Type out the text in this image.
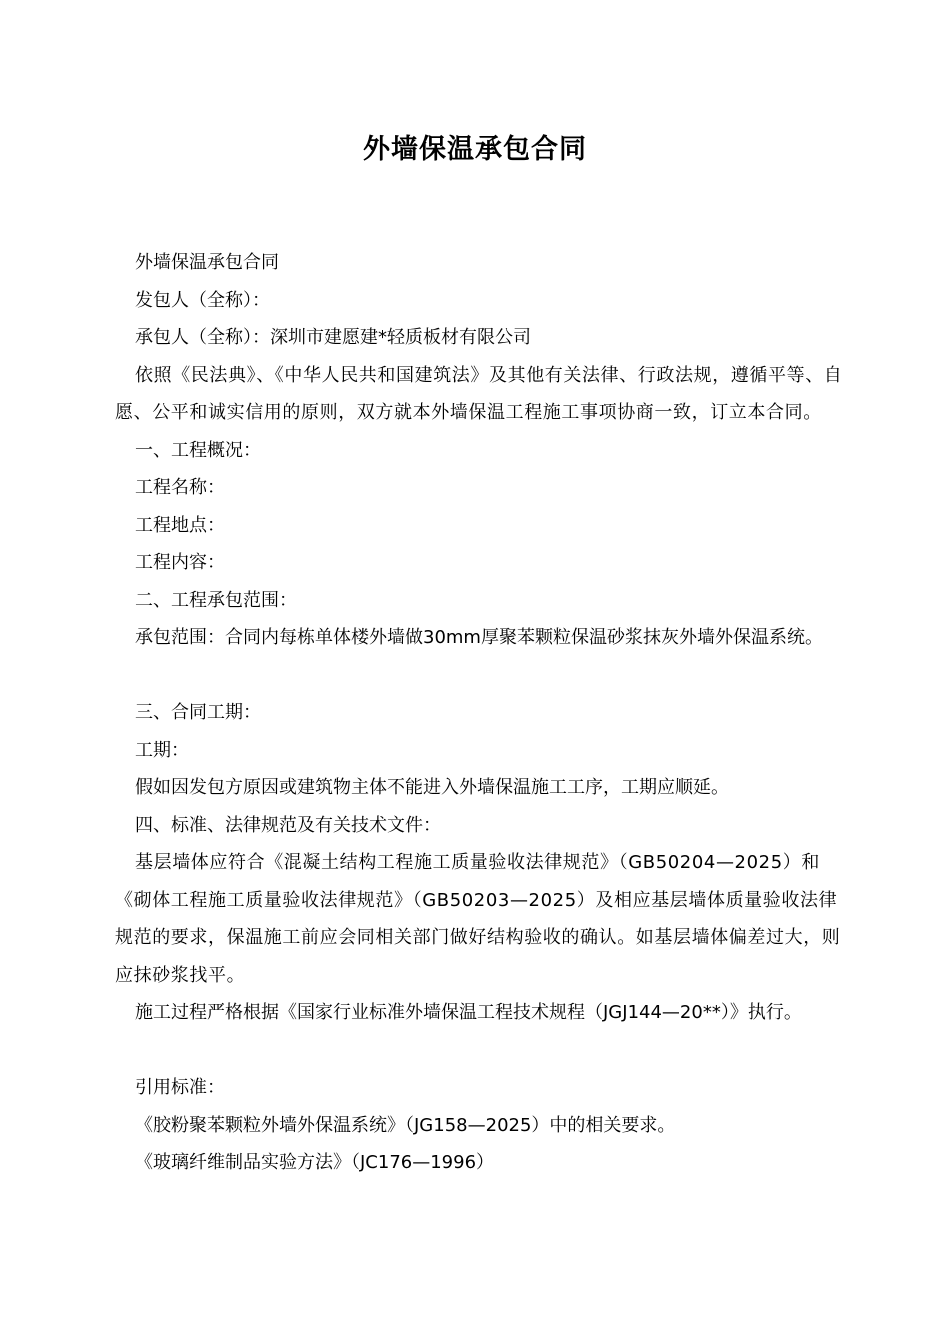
外墙保温承包合同

外墙保温承包合同

发包人（全称）：

承包人（全称）：深圳市建愿建*轻质板材有限公司

依照《民法典》、《中华人民共和国建筑法》及其他有关法律、行政法规，遵循平等、自愿、公平和诚实信用的原则，双方就本外墙保温工程施工事项协商一致，订立本合同。

一、工程概况：

工程名称：

工程地点：

工程内容：

二、工程承包范围：

承包范围：合同内每栋单体楼外墙做30mm厚聚苯颗粒保温砂浆抹灰外墙外保温系统。

三、合同工期：

工期：

假如因发包方原因或建筑物主体不能进入外墙保温施工工序，工期应顺延。

四、标准、法律规范及有关技术文件：

基层墙体应符合《混凝土结构工程施工质量验收法律规范》（GB50204—2025）和《砌体工程施工质量验收法律规范》（GB50203—2025）及相应基层墙体质量验收法律规范的要求，保温施工前应会同相关部门做好结构验收的确认。如基层墙体偏差过大，则应抹砂浆找平。

施工过程严格根据《国家行业标准外墙保温工程技术规程（JGJ144—20**）》执行。

引用标准：

《胶粉聚苯颗粒外墙外保温系统》（JG158—2025）中的相关要求。

《玻璃纤维制品实验方法》（JC176—1996）
